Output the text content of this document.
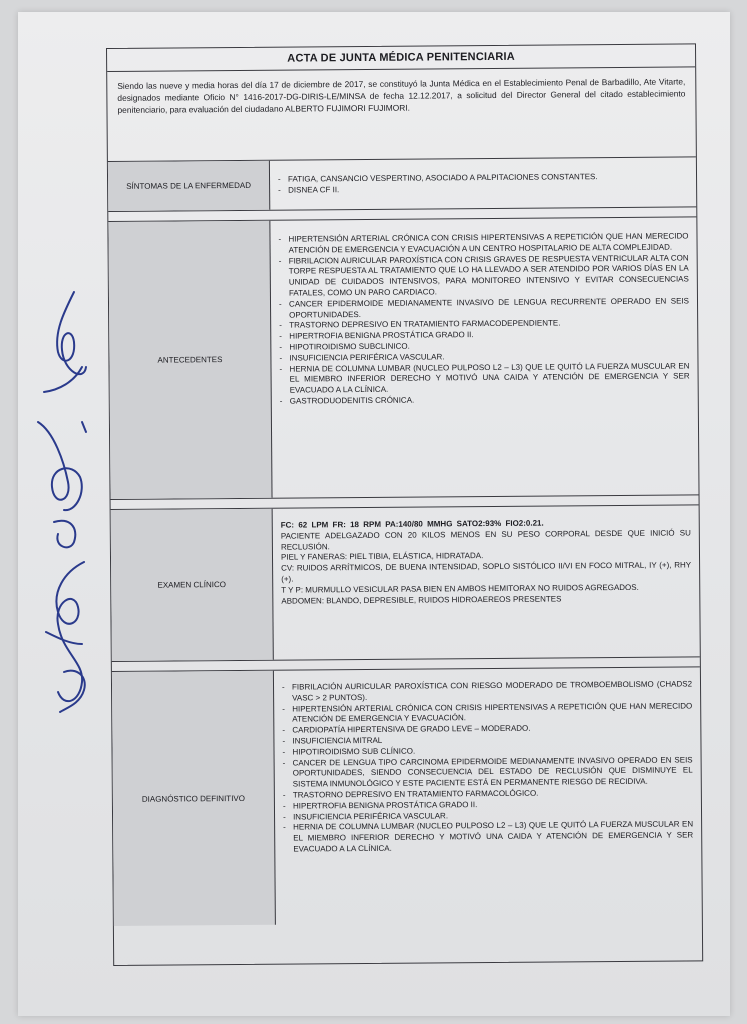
ACTA DE JUNTA MÉDICA PENITENCIARIA
Siendo las nueve y media horas del día 17 de diciembre de 2017, se constituyó la Junta Médica en el Establecimiento Penal de Barbadillo, Ate Vitarte, designados mediante Oficio N° 1416-2017-DG-DIRIS-LE/MINSA de fecha 12.12.2017, a solicitud del Director General del citado establecimiento penitenciario, para evaluación del ciudadano ALBERTO FUJIMORI FUJIMORI.
SÍNTOMAS DE LA ENFERMEDAD
- FATIGA, CANSANCIO VESPERTINO, ASOCIADO A PALPITACIONES CONSTANTES.
- DISNEA CF II.
ANTECEDENTES
- HIPERTENSIÓN ARTERIAL CRÓNICA CON CRISIS HIPERTENSIVAS A REPETICIÓN QUE HAN MERECIDO ATENCIÓN DE EMERGENCIA Y EVACUACIÓN A UN CENTRO HOSPITALARIO DE ALTA COMPLEJIDAD.
- FIBRILACION AURICULAR PAROXÍSTICA CON CRISIS GRAVES DE RESPUESTA VENTRICULAR ALTA CON TORPE RESPUESTA AL TRATAMIENTO QUE LO HA LLEVADO A SER ATENDIDO POR VARIOS DÍAS EN LA UNIDAD DE CUIDADOS INTENSIVOS, PARA MONITOREO INTENSIVO Y EVITAR CONSECUENCIAS FATALES, COMO UN PARO CARDIACO.
- CANCER EPIDERMOIDE MEDIANAMENTE INVASIVO DE LENGUA RECURRENTE OPERADO EN SEIS OPORTUNIDADES.
- TRASTORNO DEPRESIVO EN TRATAMIENTO FARMACODEPENDIENTE.
- HIPERTROFIA BENIGNA PROSTÁTICA GRADO II.
- HIPOTIROIDISMO SUBCLINICO.
- INSUFICIENCIA PERIFÉRICA VASCULAR.
- HERNIA DE COLUMNA LUMBAR (NUCLEO PULPOSO L2 – L3) QUE LE QUITÓ LA FUERZA MUSCULAR EN EL MIEMBRO INFERIOR DERECHO Y MOTIVÓ UNA CAIDA Y ATENCIÓN DE EMERGENCIA Y SER EVACUADO A LA CLÍNICA.
- GASTRODUODENITIS CRÓNICA.
EXAMEN CLÍNICO

FC: 62 LPM FR: 18 RPM PA:140/80 MMHG SATO2:93% FIO2:0.21.

PACIENTE ADELGAZADO CON 20 KILOS MENOS EN SU PESO CORPORAL DESDE QUE INICIÓ SU RECLUSIÓN.

PIEL Y FANERAS: PIEL TIBIA, ELÁSTICA, HIDRATADA.

CV: RUIDOS ARRÍTMICOS, DE BUENA INTENSIDAD, SOPLO SISTÓLICO II/VI EN FOCO MITRAL, IY (+), RHY (+).

T Y P: MURMULLO VESICULAR PASA BIEN EN AMBOS HEMITORAX NO RUIDOS AGREGADOS.

ABDOMEN: BLANDO, DEPRESIBLE, RUIDOS HIDROAEREOS PRESENTES

DIAGNÓSTICO DEFINITIVO
- FIBRILACIÓN AURICULAR PAROXÍSTICA CON RIESGO MODERADO DE TROMBOEMBOLISMO (CHADS2 VASC > 2 PUNTOS).
- HIPERTENSIÓN ARTERIAL CRÓNICA CON CRISIS HIPERTENSIVAS A REPETICIÓN QUE HAN MERECIDO ATENCIÓN DE EMERGENCIA Y EVACUACIÓN.
- CARDIOPATÍA HIPERTENSIVA DE GRADO LEVE – MODERADO.
- INSUFICIENCIA MITRAL
- HIPOTIROIDISMO SUB CLÍNICO.
- CANCER DE LENGUA TIPO CARCINOMA EPIDERMOIDE MEDIANAMENTE INVASIVO OPERADO EN SEIS OPORTUNIDADES, SIENDO CONSECUENCIA DEL ESTADO DE RECLUSIÓN QUE DISMINUYE EL SISTEMA INMUNOLÓGICO Y ESTE PACIENTE ESTÁ EN PERMANENTE RIESGO DE RECIDIVA.
- TRASTORNO DEPRESIVO EN TRATAMIENTO FARMACOLÓGICO.
- HIPERTROFIA BENIGNA PROSTÁTICA GRADO II.
- INSUFICIENCIA PERIFÉRICA VASCULAR.
- HERNIA DE COLUMNA LUMBAR (NUCLEO PULPOSO L2 – L3) QUE LE QUITÓ LA FUERZA MUSCULAR EN EL MIEMBRO INFERIOR DERECHO Y MOTIVÓ UNA CAIDA Y ATENCIÓN DE EMERGENCIA Y SER EVACUADO A LA CLÍNICA.
